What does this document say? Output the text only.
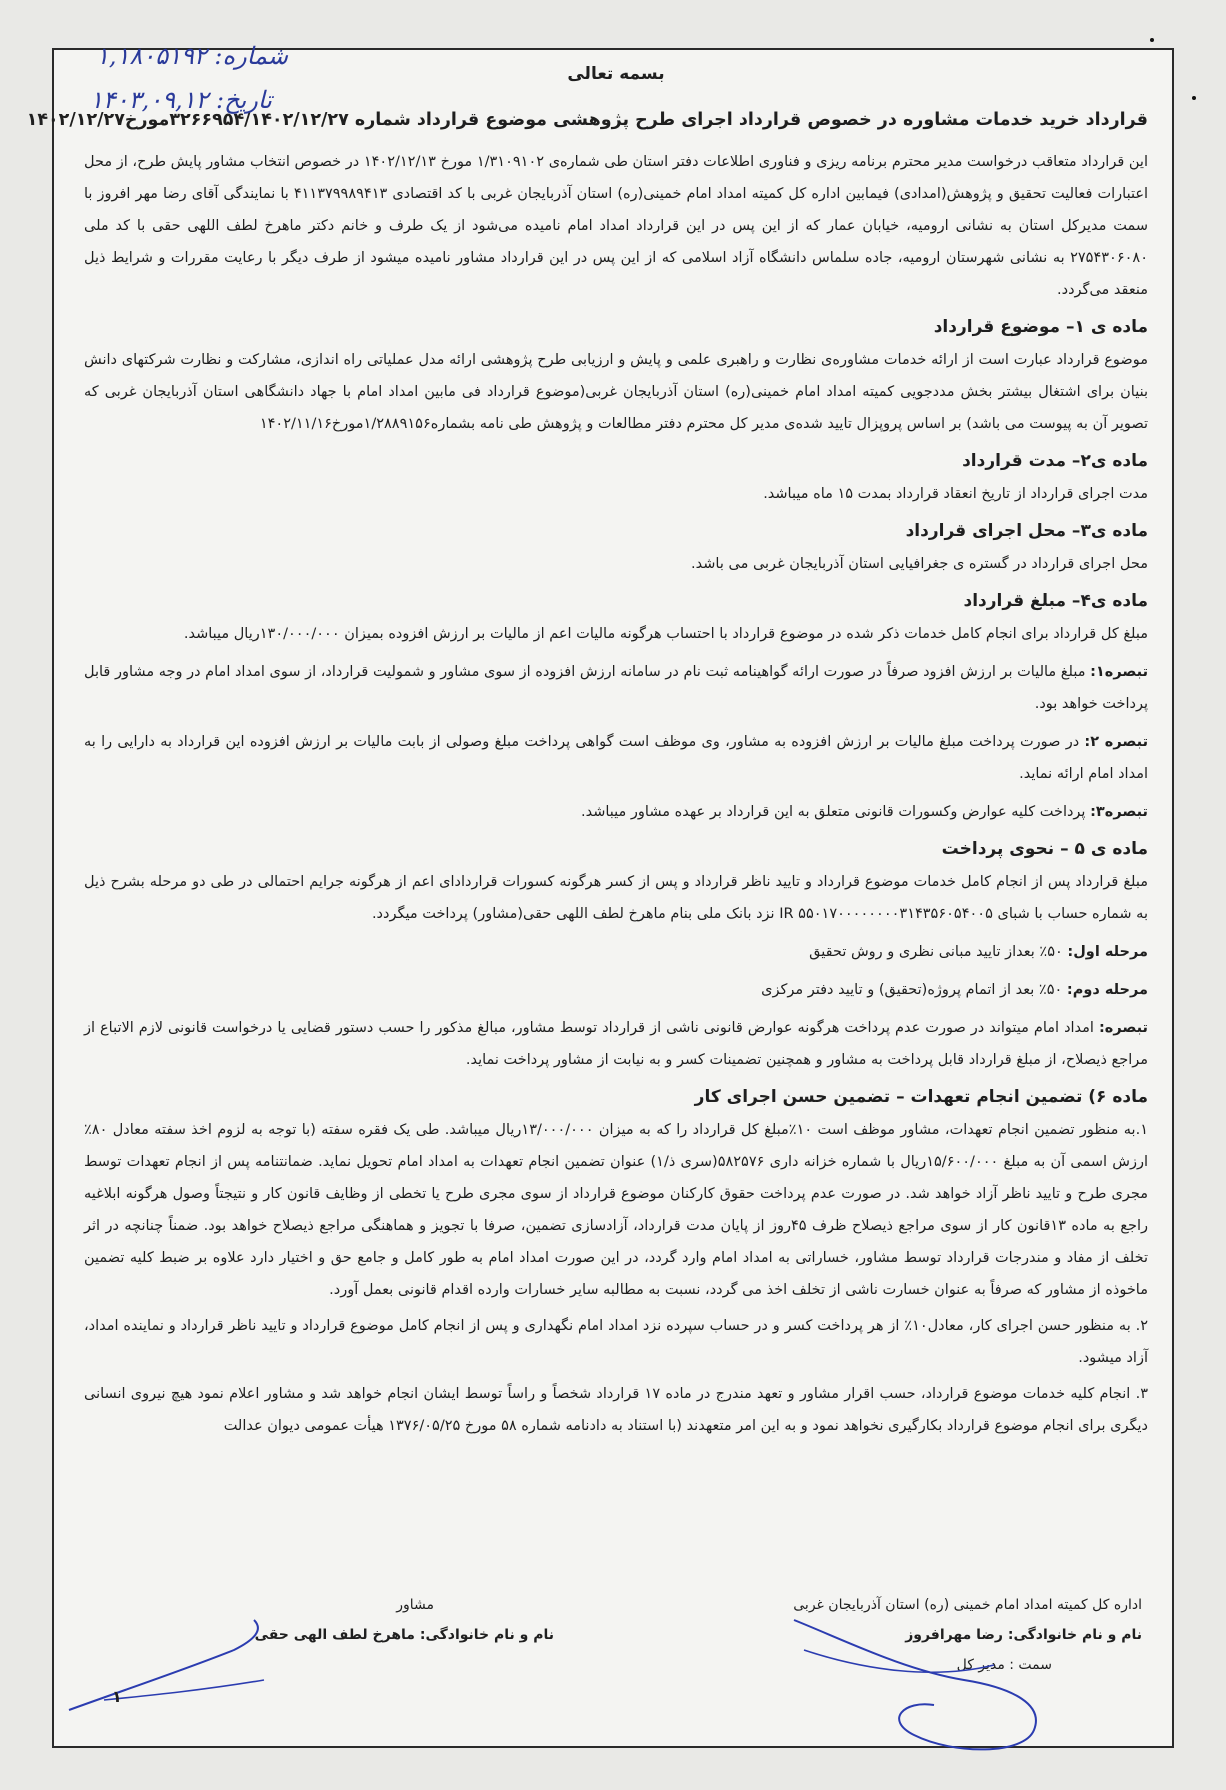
بسمه تعالی
قرارداد خرید خدمات مشاوره در خصوص قرارداد اجرای طرح پژوهشی موضوع قرارداد شماره ۳۲۶۶۹۵۴/۱۴۰۲/۱۲/۲۷مورخ۱۴۰۲/۱۲/۲۷

این قرارداد متعاقب درخواست مدیر محترم برنامه ریزی و فناوری اطلاعات دفتر استان طی شماره‌ی ۱/۳۱۰۹۱۰۲ مورخ ۱۴۰۲/۱۲/۱۳ در خصوص انتخاب مشاور پایش طرح، از محل اعتبارات فعالیت تحقیق و پژوهش(امدادی) فیمابین اداره کل کمیته امداد امام خمینی(ره) استان آذربایجان غربی با کد اقتصادی ۴۱۱۳۷۹۹۸۹۴۱۳ با نمایندگی آقای رضا مهر افروز با سمت مدیرکل استان به نشانی ارومیه، خیابان عمار که از این پس در این قرارداد امداد امام نامیده می‌شود از یک طرف و خانم دکتر ماهرخ لطف اللهی حقی با کد ملی ۲۷۵۴۳۰۶۰۸۰ به نشانی شهرستان ارومیه، جاده سلماس دانشگاه آزاد اسلامی که از این پس در این قرارداد مشاور نامیده میشود از طرف دیگر با رعایت مقررات و شرایط ذیل منعقد می‌گردد.

ماده ی ۱– موضوع قرارداد

موضوع قرارداد عبارت است از ارائه خدمات مشاوره‌ی نظارت و راهبری علمی و پایش و ارزیابی طرح پژوهشی ارائه مدل عملیاتی راه اندازی، مشارکت و نظارت شرکتهای دانش بنیان برای اشتغال بیشتر بخش مددجویی کمیته امداد امام خمینی(ره) استان آذربایجان غربی(موضوع قرارداد فی مابین امداد امام با جهاد دانشگاهی استان آذربایجان غربی که تصویر آن به پیوست می باشد) بر اساس پروپزال تایید شده‌ی مدیر کل محترم دفتر مطالعات و پژوهش طی نامه بشماره۱/۲۸۸۹۱۵۶مورخ۱۴۰۲/۱۱/۱۶

ماده ی۲– مدت قرارداد

مدت اجرای قرارداد از تاریخ انعقاد قرارداد بمدت ۱۵ ماه میباشد.

ماده ی۳– محل اجرای قرارداد

محل اجرای قرارداد در گستره ی جغرافیایی استان آذربایجان غربی می باشد.

ماده ی۴– مبلغ قرارداد

مبلغ کل قرارداد برای انجام کامل خدمات ذکر شده در موضوع قرارداد با احتساب هرگونه مالیات اعم از مالیات بر ارزش افزوده بمیزان ۱۳۰/۰۰۰/۰۰۰ریال میباشد.

تبصره۱: مبلغ مالیات بر ارزش افزود صرفاً در صورت ارائه گواهینامه ثبت نام در سامانه ارزش افزوده از سوی مشاور و شمولیت قرارداد، از سوی امداد امام در وجه مشاور قابل پرداخت خواهد بود.

تبصره ۲: در صورت پرداخت مبلغ مالیات بر ارزش افزوده به مشاور، وی موظف است گواهی پرداخت مبلغ وصولی از بابت مالیات بر ارزش افزوده این قرارداد به دارایی را به امداد امام ارائه نماید.

تبصره۳: پرداخت کلیه عوارض وکسورات قانونی متعلق به این قرارداد بر عهده مشاور میباشد.

ماده ی ۵ – نحوی پرداخت

مبلغ قرارداد پس از انجام کامل خدمات موضوع قرارداد و تایید ناظر قرارداد و پس از کسر هرگونه کسورات قراردادای اعم از هرگونه جرایم احتمالی در طی دو مرحله بشرح ذیل به شماره حساب با شبای IR ۵۵۰۱۷۰۰۰۰۰۰۰۰۳۱۴۳۵۶۰۵۴۰۰۵ نزد بانک ملی بنام ماهرخ لطف اللهی حقی(مشاور) پرداخت میگردد.

مرحله اول: ۵۰٪ بعداز تایید مبانی نظری و روش تحقیق

مرحله دوم: ۵۰٪ بعد از اتمام پروژه(تحقیق) و تایید دفتر مرکزی

تبصره: امداد امام میتواند در صورت عدم پرداخت هرگونه عوارض قانونی ناشی از قرارداد توسط مشاور، مبالغ مذکور را حسب دستور قضایی یا درخواست قانونی لازم الاتباع از مراجع ذیصلاح، از مبلغ قرارداد قابل پرداخت به مشاور و همچنین تضمینات کسر و به نیابت از مشاور پرداخت نماید.

ماده ۶) تضمین انجام تعهدات – تضمین حسن اجرای کار

۱.به منظور تضمین انجام تعهدات، مشاور موظف است ۱۰٪مبلغ کل قرارداد را که به میزان ۱۳/۰۰۰/۰۰۰ریال میباشد. طی یک فقره سفته (با توجه به لزوم اخذ سفته معادل ۸۰٪ ارزش اسمی آن به مبلغ ۱۵/۶۰۰/۰۰۰ریال با شماره خزانه داری ۵۸۲۵۷۶(سری ذ/۱) عنوان تضمین انجام تعهدات به امداد امام تحویل نماید. ضمانتنامه پس از انجام تعهدات توسط مجری طرح و تایید ناظر آزاد خواهد شد. در صورت عدم پرداخت حقوق کارکنان موضوع قرارداد از سوی مجری طرح یا تخطی از وظایف قانون کار و نتیجتاً وصول هرگونه ابلاغیه راجع به ماده ۱۳قانون کار از سوی مراجع ذیصلاح ظرف ۴۵روز از پایان مدت قرارداد، آزادسازی تضمین، صرفا با تجویز و هماهنگی مراجع ذیصلاح خواهد بود. ضمناً چنانچه در اثر تخلف از مفاد و مندرجات قرارداد توسط مشاور، خساراتی به امداد امام وارد گردد، در این صورت امداد امام به طور کامل و جامع حق و اختیار دارد علاوه بر ضبط کلیه تضمین ماخوذه از مشاور که صرفاً به عنوان خسارت ناشی از تخلف اخذ می گردد، نسبت به مطالبه سایر خسارات وارده اقدام قانونی بعمل آورد.

۲. به منظور حسن اجرای کار، معادل۱۰٪ از هر پرداخت کسر و در حساب سپرده نزد امداد امام نگهداری و پس از انجام کامل موضوع قرارداد و تایید ناظر قرارداد و نماینده امداد، آزاد میشود.

۳. انجام کلیه خدمات موضوع قرارداد، حسب اقرار مشاور و تعهد مندرج در ماده ۱۷ قرارداد شخصاً و راساً توسط ایشان انجام خواهد شد و مشاور اعلام نمود هیچ نیروی انسانی دیگری برای انجام موضوع قرارداد بکارگیری نخواهد نمود و به این امر متعهدند (با استناد به دادنامه شماره ۵۸ مورخ ۱۳۷۶/۰۵/۲۵ هیأت عمومی دیوان عدالت

اداره کل کمیته امداد امام خمینی (ره) استان آذربایجان غربی
نام و نام خانوادگی: رضا مهرافروز
سمت : مدیر کل
مشاور
نام و نام خانوادگی: ماهرخ لطف الهی حقی
۱
شماره: ۱,۱۸۰۵۱۹۲
تاریخ: ۱۴۰۳,۰۹,۱۲
